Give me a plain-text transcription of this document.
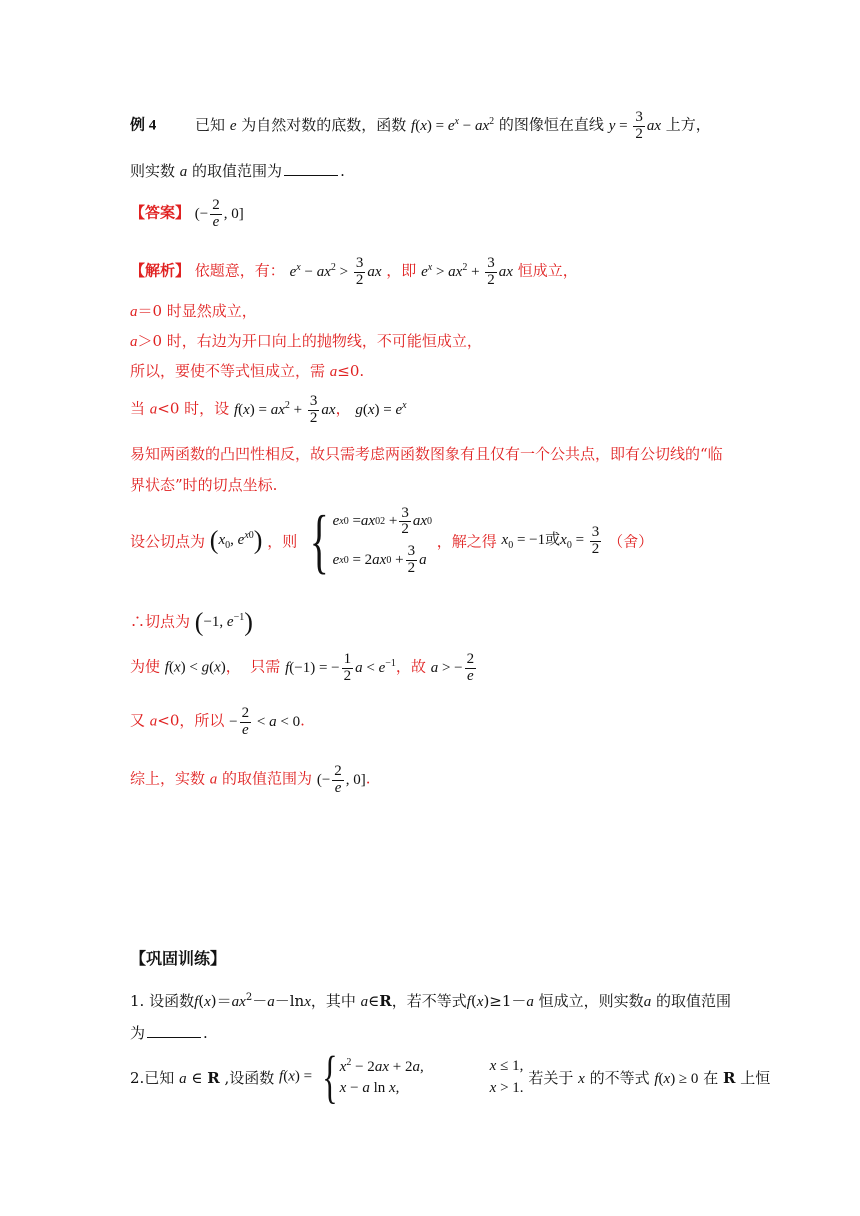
例 4	已知 e 为自然对数的底数，函数 $f(x) = e^x - ax^2$ 的图像恒在直线 $y = \frac{3}{2}$ ax 上方，
则实数 a 的取值范围为	.
【答案】 (− $\frac{2}{e}$ , 0]
【解析】 依题意，有： $e^x - ax^2 > \frac{3}{2}$ ax ，即 $e^x > ax^2 + \frac{3}{2}$ ax 恒成立，
a＝0 时显然成立，
a＞0 时，右边为开口向上的抛物线，不可能恒成立，
所以，要使不等式恒成立，需 a≤0.
当 a<0 时，设 $f(x) = ax^2 + \frac{3}{2}$ ax， $g(x) = e^x$
易知两函数的凸凹性相反，故只需考虑两函数图象有且仅有一个公共点，即有公切线的“临
界状态”时的切点坐标.
设公切点为 ($x_0$, $e^{x0}$) ，则 { e x0 = ax 0 $2 + \frac{3}{2}$ ax 0
e x0 = 2 ax $0 + \frac{3}{2}$ a
，解之得 $x_0 = -1$或$x_0 = \frac{3}{2}$ （舍）
∴切点为 (−1, $e^{-1}$)
为使 f(x) < g(x)，  只需 f(−1) = − $\frac{1}{2}$ $a < e^{-1}$，故 a > − $\frac{2}{e}$
又 a<0，所以 − $\frac{2}{e} < a < 0$.
综上，实数 a 的取值范围为 (− $\frac{2}{e}$ , 0].
【巩固训练】
1. 设函数$f(x)=ax^2-a-\ln x$，其中 a∈R，若不等式f(x)≥1－a 恒成立，则实数a 的取值范围
为	.
2.已知 a ∈ R ,设函数 f(x) = { $x^2 - 2ax + 2a$,	x ≤ 1,
x − a ln x,	x > 1.
若关于 x 的不等式 f(x) ≥ 0 在 R 上恒
